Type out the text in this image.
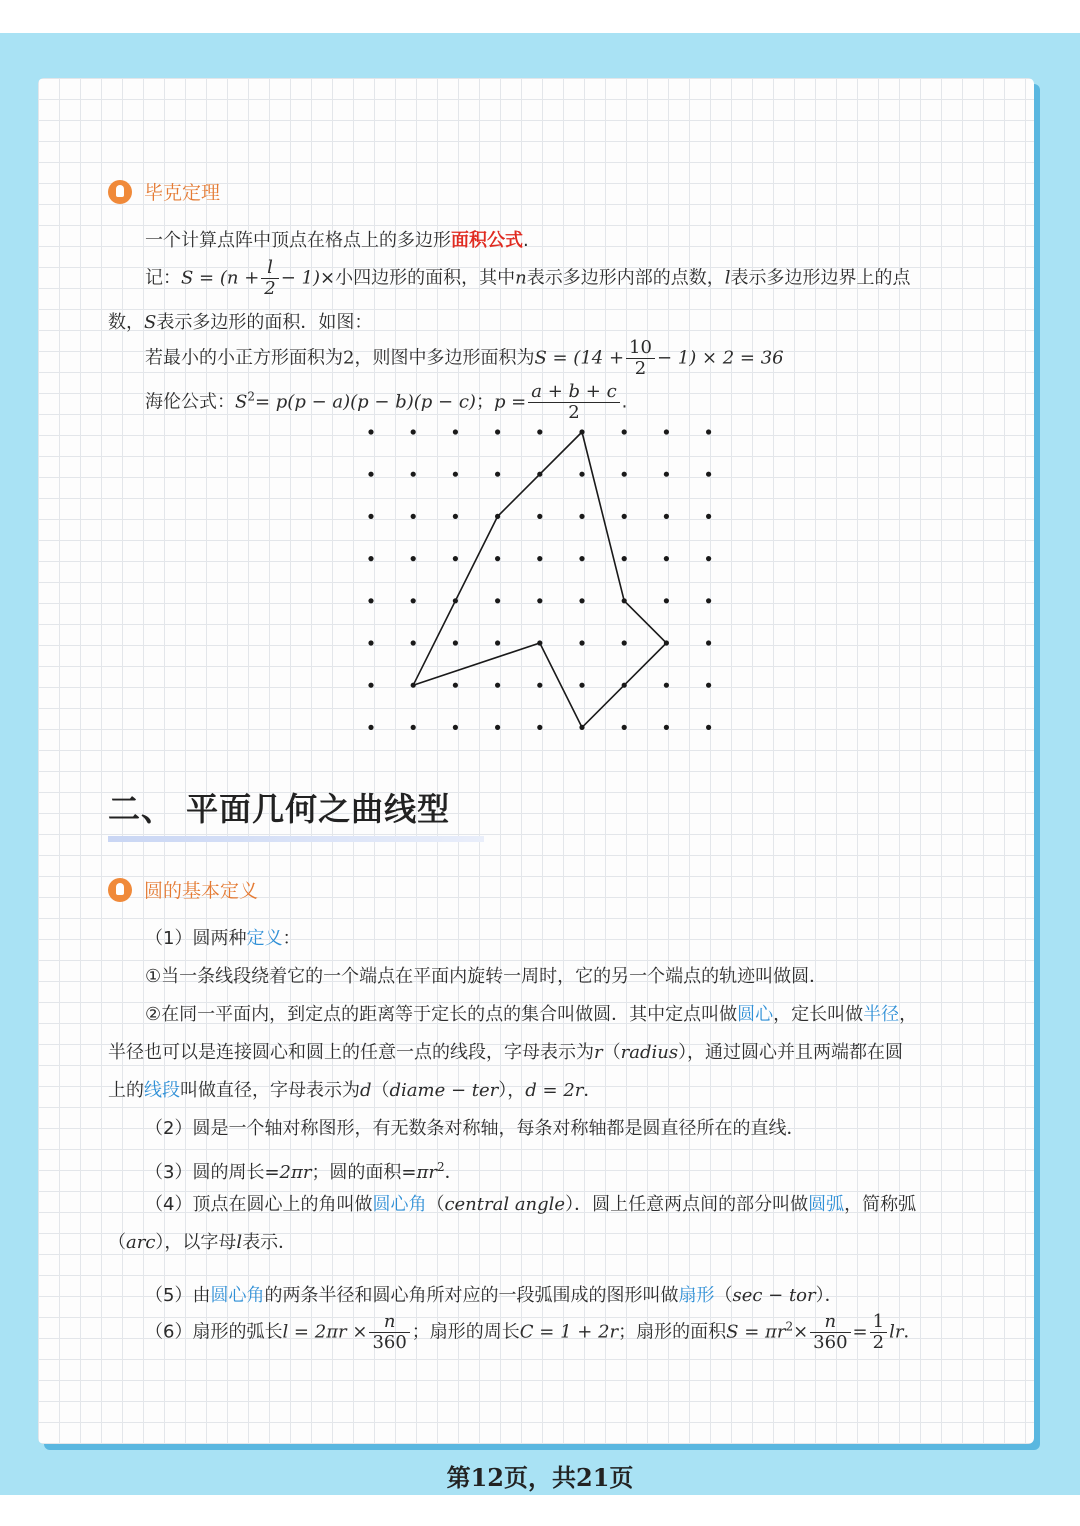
毕克定理

一个计算点阵中顶点在格点上的多边形面积公式.

记：$S = (n + \frac{l}{2} - 1)\times$小四边形的面积，其中n表示多边形内部的点数，l表示多边形边界上的点

数，S表示多边形的面积．如图：

若最小的小正方形面积为2，则图中多边形面积为$S = (14 + \frac{10}{2} - 1) \times 2 = 36$

海伦公式：$S^2= p(p - a)(p - b)(p - c)$；$p = \frac{a + b + c}{2}$ .

二、 平面几何之曲线型
圆的基本定义

（1）圆两种定义：

①当一条线段绕着它的一个端点在平面内旋转一周时，它的另一个端点的轨迹叫做圆．

②在同一平面内，到定点的距离等于定长的点的集合叫做圆．其中定点叫做圆心，定长叫做半径，

半径也可以是连接圆心和圆上的任意一点的线段，字母表示为r（radius），通过圆心并且两端都在圆

上的线段叫做直径，字母表示为d（diame − ter），d = 2r．

（2）圆是一个轴对称图形，有无数条对称轴，每条对称轴都是圆直径所在的直线．

（3）圆的周长=2πr；圆的面积$=\pi r^2$．

（4）顶点在圆心上的角叫做圆心角（central angle）．圆上任意两点间的部分叫做圆弧，简称弧

（arc），以字母l表示．

（5）由圆心角的两条半径和圆心角所对应的一段弧围成的图形叫做扇形（sec − tor）．

（6）扇形的弧长$l = 2\pi r \times \frac{n}{360}$ ；扇形的周长C = 1 + 2r；扇形的面积$S = \pi r^2\times \frac{n}{360} = \frac{1}{2}$ lr．

第12页，共21页
